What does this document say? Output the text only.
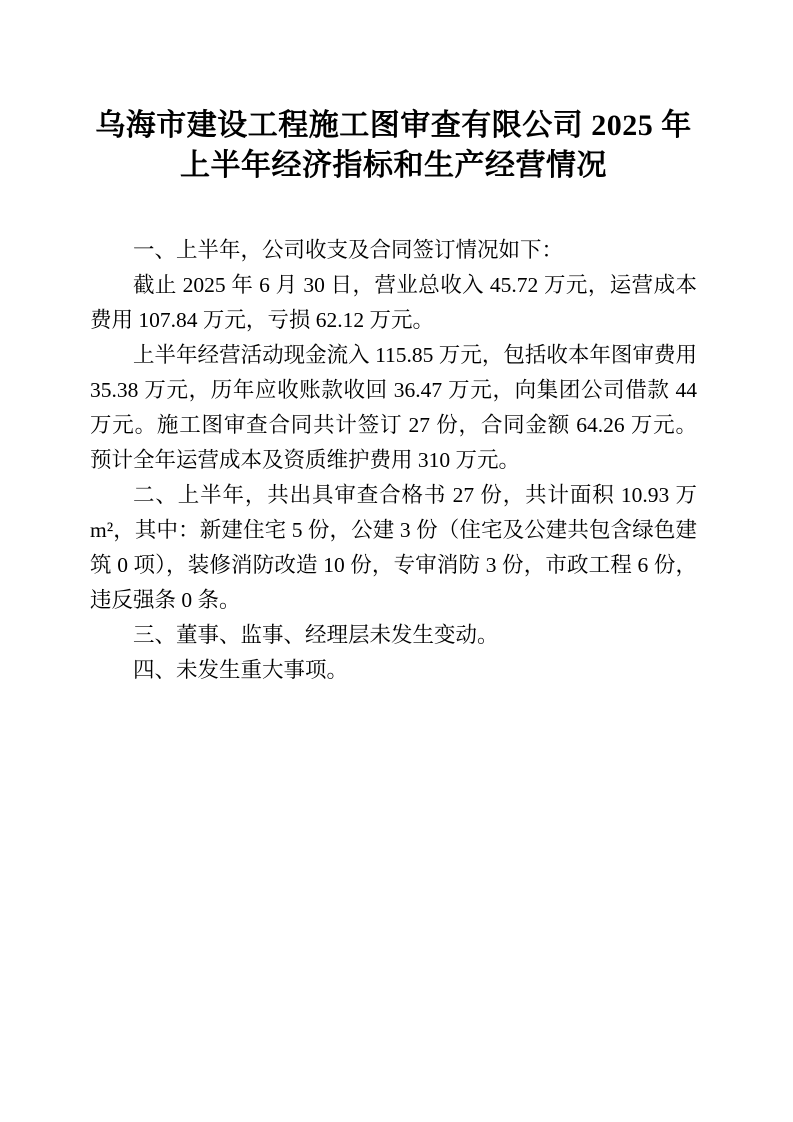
乌海市建设工程施工图审查有限公司 2025 年
上半年经济指标和生产经营情况

一、上半年，公司收支及合同签订情况如下：

截止 2025 年 6 月 30 日，营业总收入 45.72 万元，运营成本费用 107.84 万元，亏损 62.12 万元。

上半年经营活动现金流入 115.85 万元，包括收本年图审费用 35.38 万元，历年应收账款收回 36.47 万元，向集团公司借款 44 万元。施工图审查合同共计签订 27 份，合同金额 64.26 万元。预计全年运营成本及资质维护费用 310 万元。

二、上半年，共出具审查合格书 27 份，共计面积 10.93 万 m²，其中：新建住宅 5 份，公建 3 份（住宅及公建共包含绿色建筑 0 项），装修消防改造 10 份，专审消防 3 份，市政工程 6 份，违反强条 0 条。

三、董事、监事、经理层未发生变动。

四、未发生重大事项。
